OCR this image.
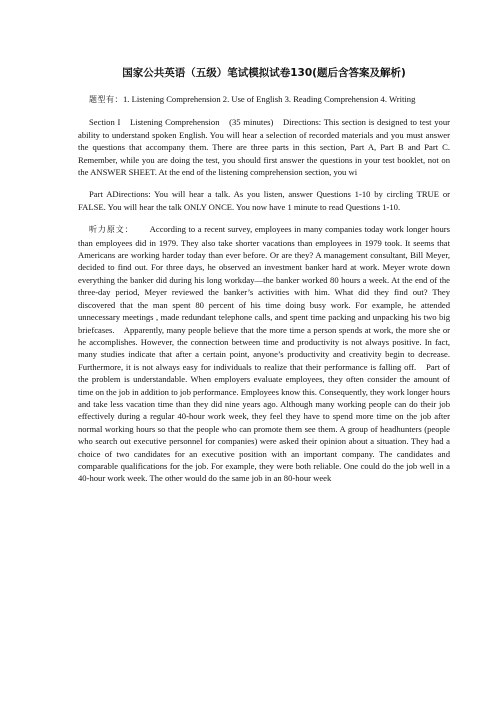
国家公共英语（五级）笔试模拟试卷130(题后含答案及解析)

题型有：1. Listening Comprehension 2. Use of English 3. Reading Comprehension 4. Writing

Section I　Listening Comprehension　(35 minutes)　Directions: This section is designed to test your ability to understand spoken English. You will hear a selection of recorded materials and you must answer the questions that accompany them. There are three parts in this section, Part A, Part B and Part C.　Remember, while you are doing the test, you should first answer the questions in your test booklet, not on the ANSWER SHEET. At the end of the listening comprehension section, you wi

Part ADirections: You will hear a talk. As you listen, answer Questions 1-10 by circling TRUE or FALSE. You will hear the talk ONLY ONCE. You now have 1 minute to read Questions 1-10.

听力原文： According to a recent survey, employees in many companies today work longer hours than employees did in 1979. They also take shorter vacations than employees in 1979 took. It seems that Americans are working harder today than ever before. Or are they? A management consultant, Bill Meyer, decided to find out. For three days, he observed an investment banker hard at work. Meyer wrote down everything the banker did during his long workday—the banker worked 80 hours a week. At the end of the three-day period, Meyer reviewed the banker’s activities with him. What did they find out? They discovered that the man spent 80 percent of his time doing busy work. For example, he attended unnecessary meetings , made redundant telephone calls, and spent time packing and unpacking his two big briefcases.　Apparently, many people believe that the more time a person spends at work, the more she or he accomplishes. However, the connection between time and productivity is not always positive. In fact, many studies indicate that after a certain point, anyone’s productivity and creativity begin to decrease. Furthermore, it is not always easy for individuals to realize that their performance is falling off.　Part of the problem is understandable. When employers evaluate employees, they often consider the amount of time on the job in addition to job performance. Employees know this. Consequently, they work longer hours and take less vacation time than they did nine years ago. Although many working people can do their job effectively during a regular 40-hour work week, they feel they have to spend more time on the job after normal working hours so that the people who can promote them see them. A group of headhunters (people who search out executive personnel for companies) were asked their opinion about a situation. They had a choice of two candidates for an executive position with an important company. The candidates and comparable qualifications for the job. For example, they were both reliable. One could do the job well in a 40-hour work week. The other would do the same job in an 80-hour week
